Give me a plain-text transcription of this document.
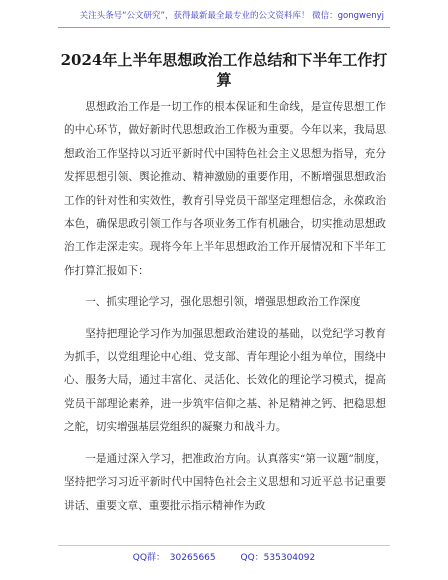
关注头条号“公文研究”，获得最新最全最专业的公文资料库！ 微信：gongwenyj
2024年上半年思想政治工作总结和下半年工作打算

思想政治工作是一切工作的根本保证和生命线，是宣传思想工作的中心环节，做好新时代思想政治工作极为重要。今年以来，我局思想政治工作坚持以习近平新时代中国特色社会主义思想为指导，充分发挥思想引领、舆论推动、精神激励的重要作用，不断增强思想政治工作的针对性和实效性，教育引导党员干部坚定理想信念，永葆政治本色，确保思政引领工作与各项业务工作有机融合，切实推动思想政治工作走深走实。现将今年上半年思想政治工作开展情况和下半年工作打算汇报如下：

一、抓实理论学习，强化思想引领，增强思想政治工作深度

坚持把理论学习作为加强思想政治建设的基础，以党纪学习教育为抓手，以党组理论中心组、党支部、青年理论小组为单位，围绕中心、服务大局，通过丰富化、灵活化、长效化的理论学习模式，提高党员干部理论素养，进一步筑牢信仰之基、补足精神之钙、把稳思想之舵，切实增强基层党组织的凝聚力和战斗力。

一是通过深入学习，把准政治方向。认真落实“第一议题”制度，坚持把学习习近平新时代中国特色社会主义思想和习近平总书记重要讲话、重要文章、重要批示指示精神作为政

QQ群： 30265665	QQ：535304092
